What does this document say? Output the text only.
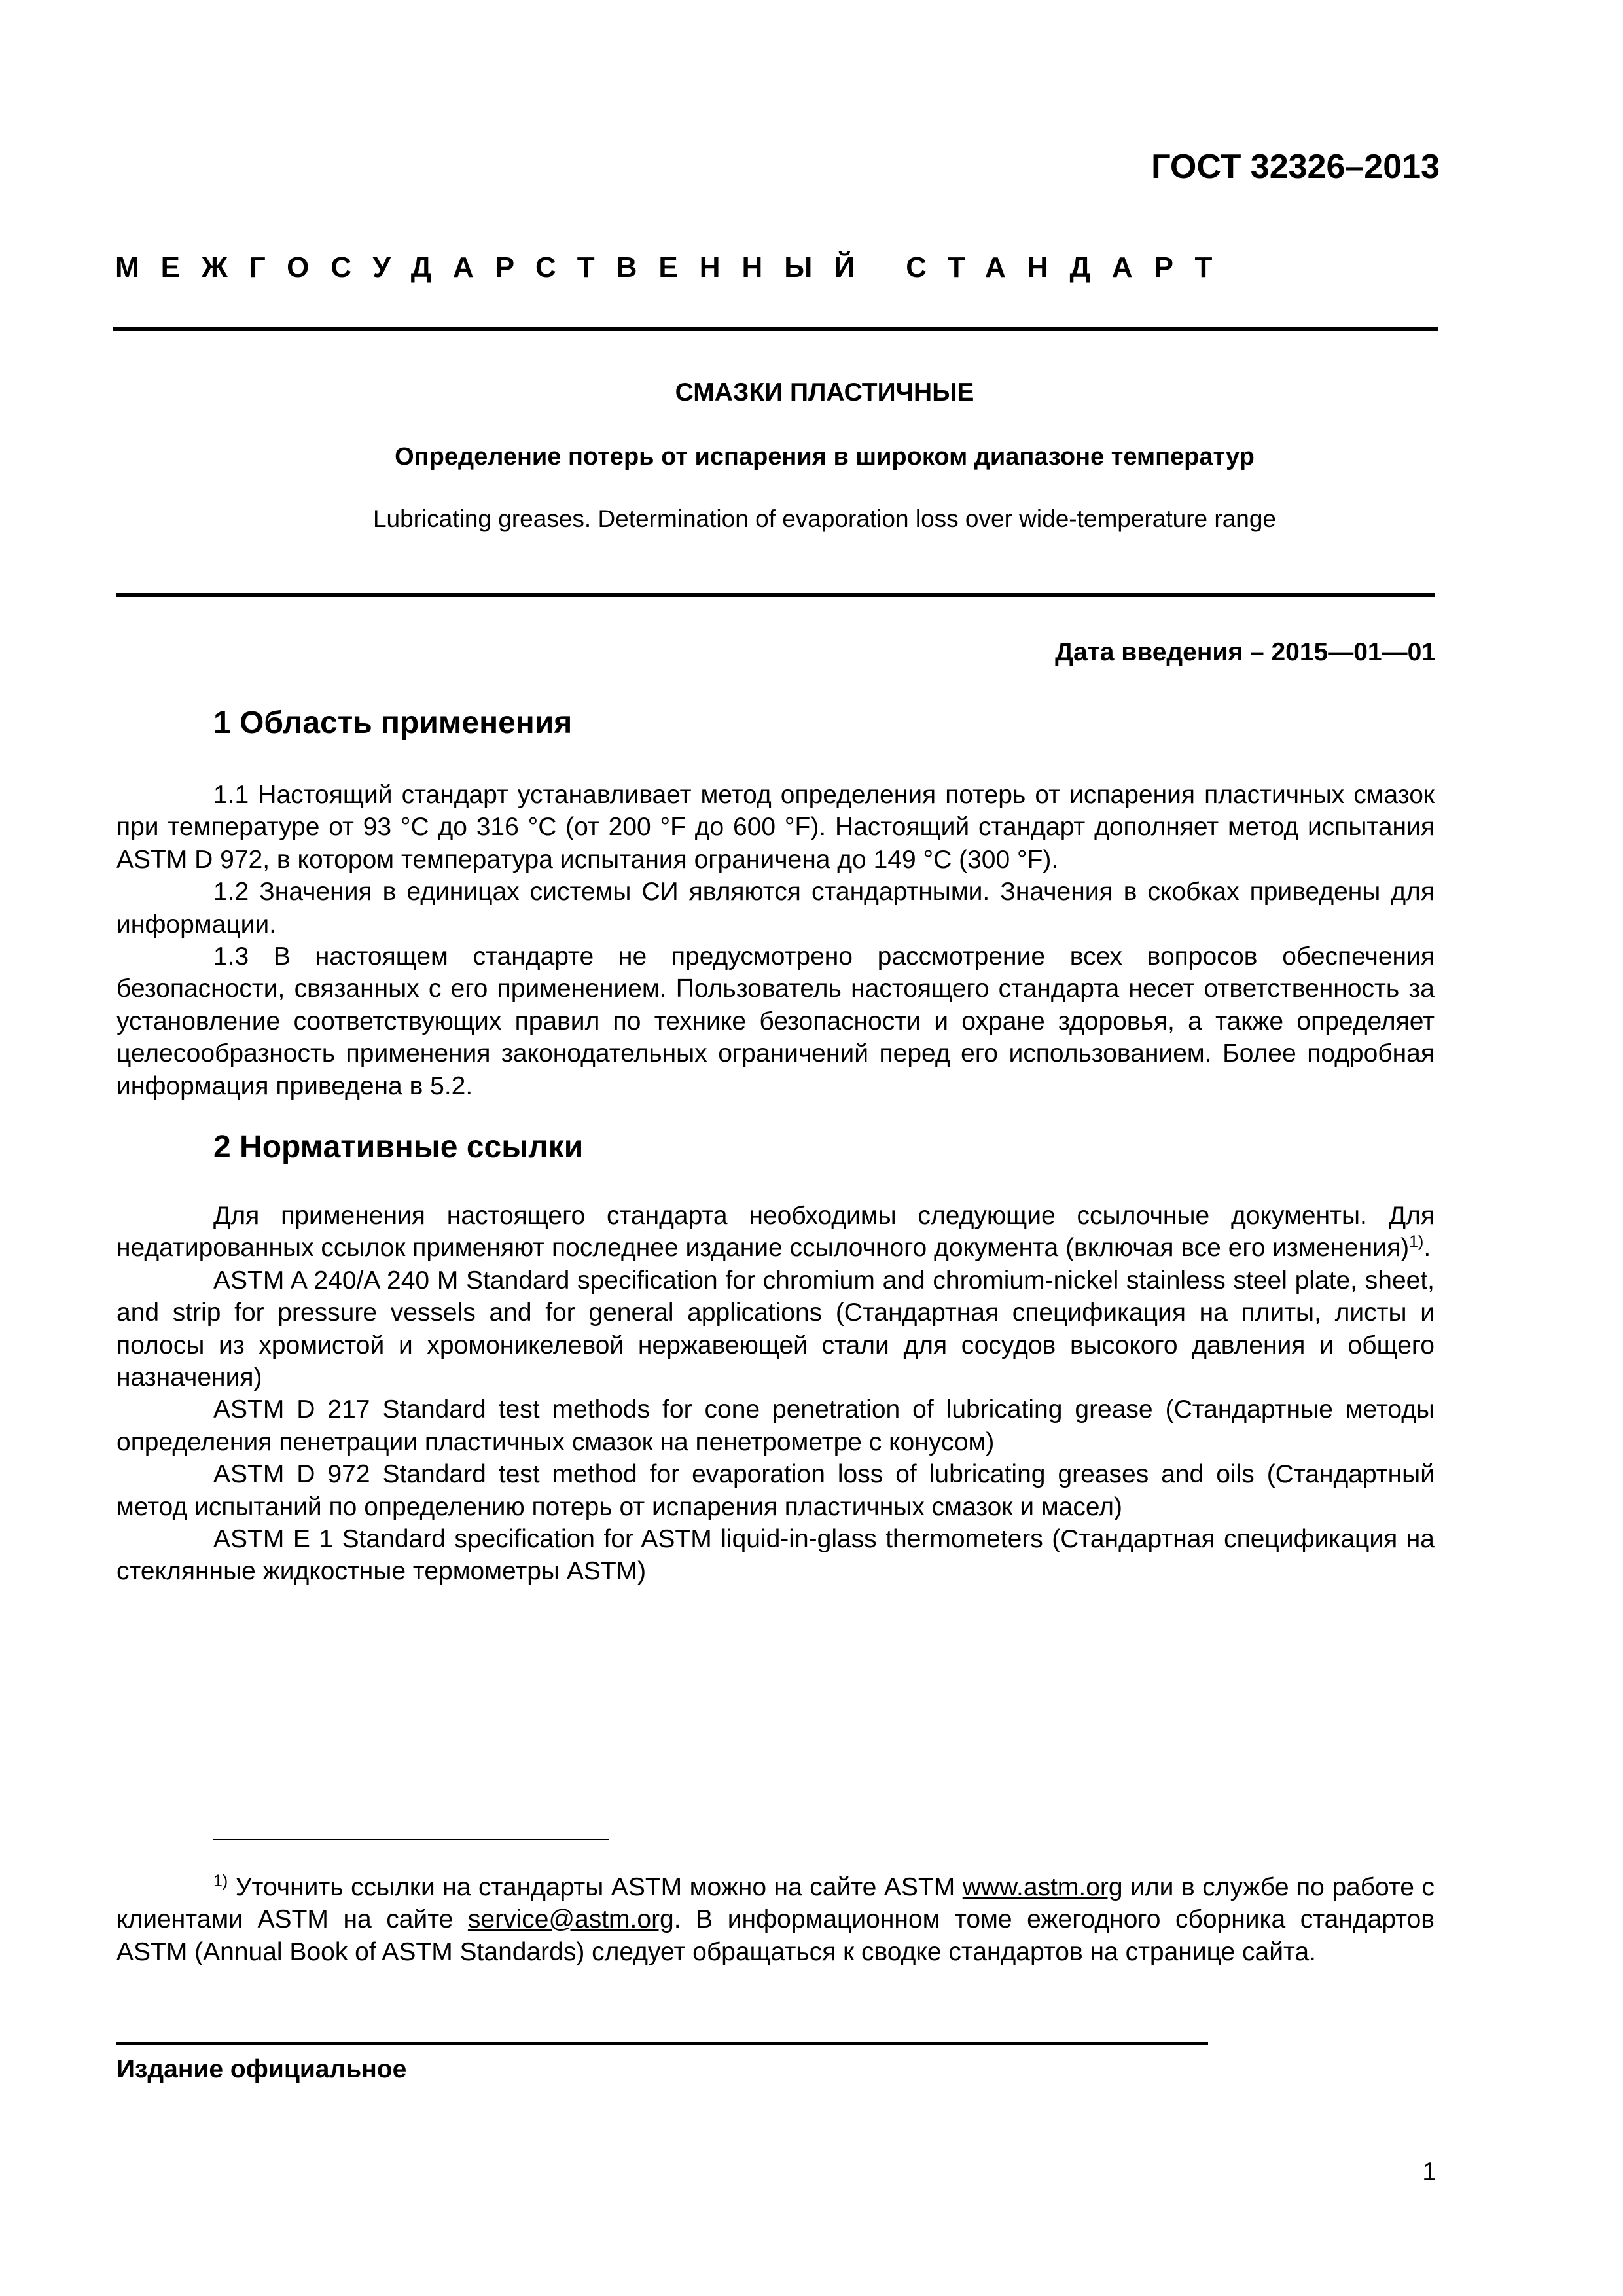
ГОСТ 32326–2013
МЕЖГОСУДАРСТВЕННЫЙ СТАНДАРТ
СМАЗКИ ПЛАСТИЧНЫЕ
Определение потерь от испарения в широком диапазоне температур
Lubricating greases. Determination of evaporation loss over wide-temperature range
Дата введения – 2015—01—01
1 Область применения

1.1 Настоящий стандарт устанавливает метод определения потерь от испарения пластичных смазок при температуре от 93 °С до 316 °С (от 200 °F до 600 °F). Настоящий стандарт дополняет метод испытания ASTM D 972, в котором температура испытания ограничена до 149 °С (300 °F).

1.2 Значения в единицах системы СИ являются стандартными. Значения в скобках приведены для информации.

1.3 В настоящем стандарте не предусмотрено рассмотрение всех вопросов обеспечения безопасности, связанных с его применением. Пользователь настоящего стандарта несет ответственность за установление соответствующих правил по технике безопасности и охране здоровья, а также определяет целесообразность применения законодательных ограничений перед его использованием. Более подробная информация приведена в 5.2.

2 Нормативные ссылки

Для применения настоящего стандарта необходимы следующие ссылочные документы. Для недатированных ссылок применяют последнее издание ссылочного документа (включая все его изменения)$^{1)}$.

ASTM A 240/A 240 M Standard specification for chromium and chromium-nickel stainless steel plate, sheet, and strip for pressure vessels and for general applications (Стандартная спецификация на плиты, листы и полосы из хромистой и хромоникелевой нержавеющей стали для сосудов высокого давления и общего назначения)

ASTM D 217 Standard test methods for cone penetration of lubricating grease (Стандартные методы определения пенетрации пластичных смазок на пенетрометре с конусом)

ASTM D 972 Standard test method for evaporation loss of lubricating greases and oils (Стандартный метод испытаний по определению потерь от испарения пластичных смазок и масел)

ASTM E 1 Standard specification for ASTM liquid-in-glass thermometers (Стандартная спецификация на стеклянные жидкостные термометры ASTM)

$^{1)}$ Уточнить ссылки на стандарты ASTM можно на сайте ASTM www.astm.org или в службе по работе с клиентами ASTM на сайте service@astm.org. В информационном томе ежегодного сборника стандартов ASTM (Annual Book of ASTM Standards) следует обращаться к сводке стандартов на странице сайта.

Издание официальное
1
